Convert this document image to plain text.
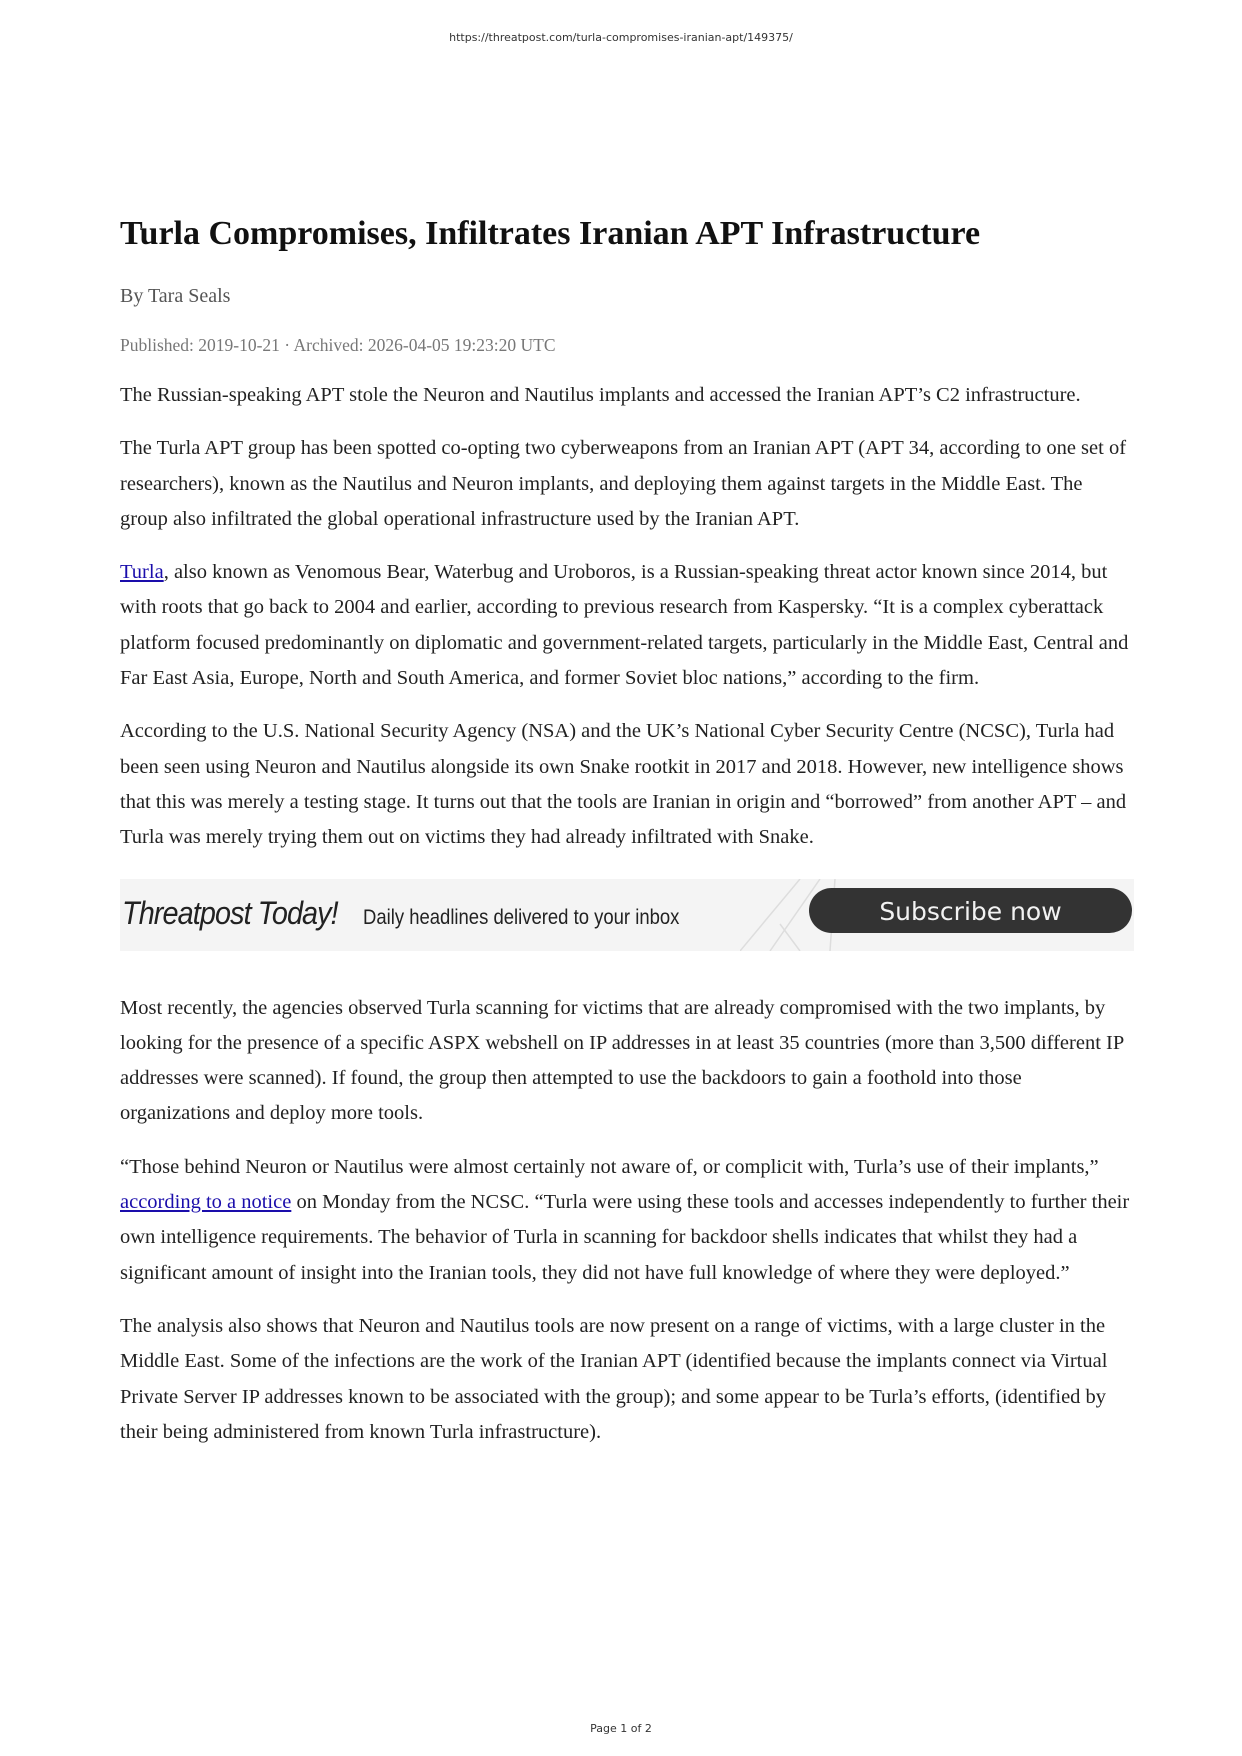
https://threatpost.com/turla-compromises-iranian-apt/149375/
Turla Compromises, Infiltrates Iranian APT Infrastructure
By Tara Seals
Published: 2019-10-21 · Archived: 2026-04-05 19:23:20 UTC

The Russian-speaking APT stole the Neuron and Nautilus implants and accessed the Iranian APT’s C2 infrastructure.

The Turla APT group has been spotted co-opting two cyberweapons from an Iranian APT (APT 34, according to one set of researchers), known as the Nautilus and Neuron implants, and deploying them against targets in the Middle East. The group also infiltrated the global operational infrastructure used by the Iranian APT.

Turla, also known as Venomous Bear, Waterbug and Uroboros, is a Russian-speaking threat actor known since 2014, but with roots that go back to 2004 and earlier, according to previous research from Kaspersky. “It is a complex cyberattack platform focused predominantly on diplomatic and government-related targets, particularly in the Middle East, Central and Far East Asia, Europe, North and South America, and former Soviet bloc nations,” according to the firm.

According to the U.S. National Security Agency (NSA) and the UK’s National Cyber Security Centre (NCSC), Turla had been seen using Neuron and Nautilus alongside its own Snake rootkit in 2017 and 2018. However, new intelligence shows that this was merely a testing stage. It turns out that the tools are Iranian in origin and “borrowed” from another APT – and Turla was merely trying them out on victims they had already infiltrated with Snake.

Threatpost Today! Daily headlines delivered to your inbox	Subscribe now

Most recently, the agencies observed Turla scanning for victims that are already compromised with the two implants, by looking for the presence of a specific ASPX webshell on IP addresses in at least 35 countries (more than 3,500 different IP addresses were scanned). If found, the group then attempted to use the backdoors to gain a foothold into those organizations and deploy more tools.

“Those behind Neuron or Nautilus were almost certainly not aware of, or complicit with, Turla’s use of their implants,” according to a notice on Monday from the NCSC. “Turla were using these tools and accesses independently to further their own intelligence requirements. The behavior of Turla in scanning for backdoor shells indicates that whilst they had a significant amount of insight into the Iranian tools, they did not have full knowledge of where they were deployed.”

The analysis also shows that Neuron and Nautilus tools are now present on a range of victims, with a large cluster in the Middle East. Some of the infections are the work of the Iranian APT (identified because the implants connect via Virtual Private Server IP addresses known to be associated with the group); and some appear to be Turla’s efforts, (identified by their being administered from known Turla infrastructure).

Page 1 of 2
